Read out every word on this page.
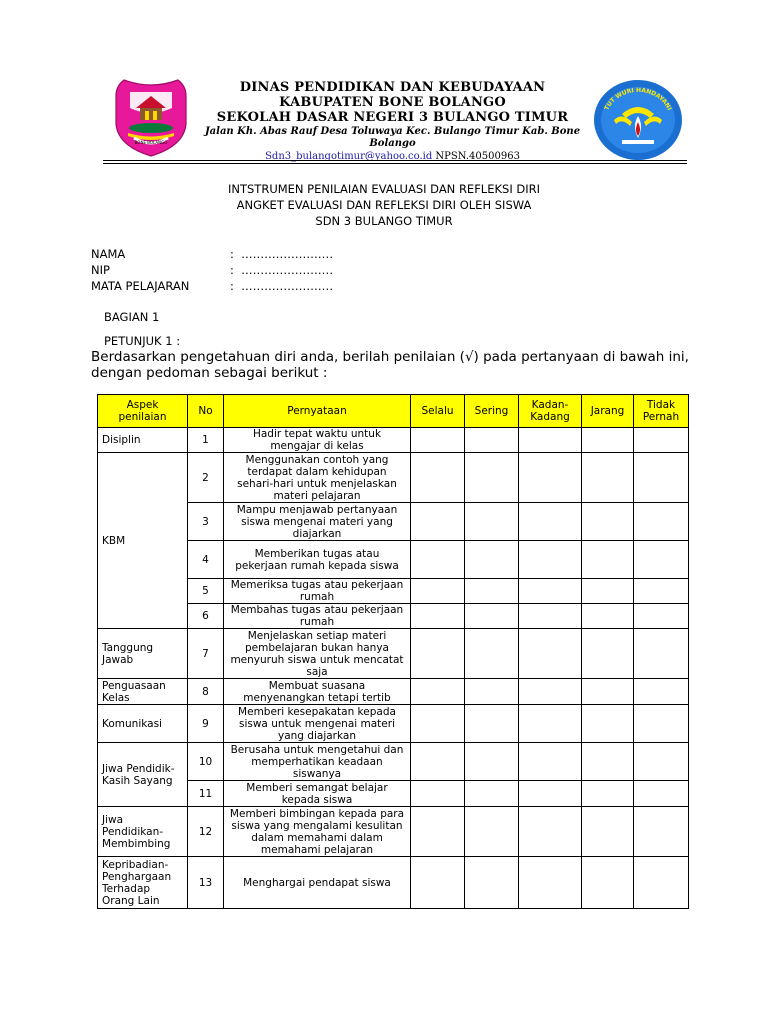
BONE BOLANGO
TUT WURI HANDAYANI
DINAS PENDIDIKAN DAN KEBUDAYAAN
KABUPATEN BONE BOLANGO
SEKOLAH DASAR NEGERI 3 BULANGO TIMUR
Jalan Kh. Abas Rauf Desa Toluwaya Kec. Bulango Timur Kab. Bone Bolango
Sdn3_bulangotimur@yahoo.co.id NPSN.40500963
INTSTRUMEN PENILAIAN EVALUASI DAN REFLEKSI DIRI
ANGKET EVALUASI DAN REFLEKSI DIRI OLEH SISWA
SDN 3 BULANGO TIMUR
NAMA	:  ……………………
NIP	:  ……………………
MATA PELAJARAN	:  ……………………
BAGIAN 1
PETUNJUK 1 :
Berdasarkan pengetahuan diri anda, berilah penilaian (√) pada pertanyaan di bawah ini, dengan pedoman sebagai berikut :
Aspek penilaian	No	Pernyataan	Selalu	Sering	Kadan-Kadang	Jarang	Tidak Pernah
Disiplin	1	Hadir tepat waktu untuk mengajar di kelas					
KBM	2	Menggunakan contoh yang terdapat dalam kehidupan sehari-hari untuk menjelaskan materi pelajaran					
	3	Mampu menjawab pertanyaan siswa mengenai materi yang diajarkan					
	4	Memberikan tugas atau pekerjaan rumah kepada siswa					
	5	Memeriksa tugas atau pekerjaan rumah					
	6	Membahas tugas atau pekerjaan rumah					
Tanggung Jawab	7	Menjelaskan setiap materi pembelajaran bukan hanya menyuruh siswa untuk mencatat saja					
Penguasaan Kelas	8	Membuat suasana menyenangkan tetapi tertib					
Komunikasi	9	Memberi kesepakatan kepada siswa untuk mengenai materi yang diajarkan					
Jiwa Pendidik-Kasih Sayang	10	Berusaha untuk mengetahui dan memperhatikan keadaan siswanya					
	11	Memberi semangat belajar kepada siswa					
Jiwa Pendidikan-Membimbing	12	Memberi bimbingan kepada para siswa yang mengalami kesulitan dalam memahami dalam memahami pelajaran					
Kepribadian-Penghargaan Terhadap Orang Lain	13	Menghargai pendapat siswa					
